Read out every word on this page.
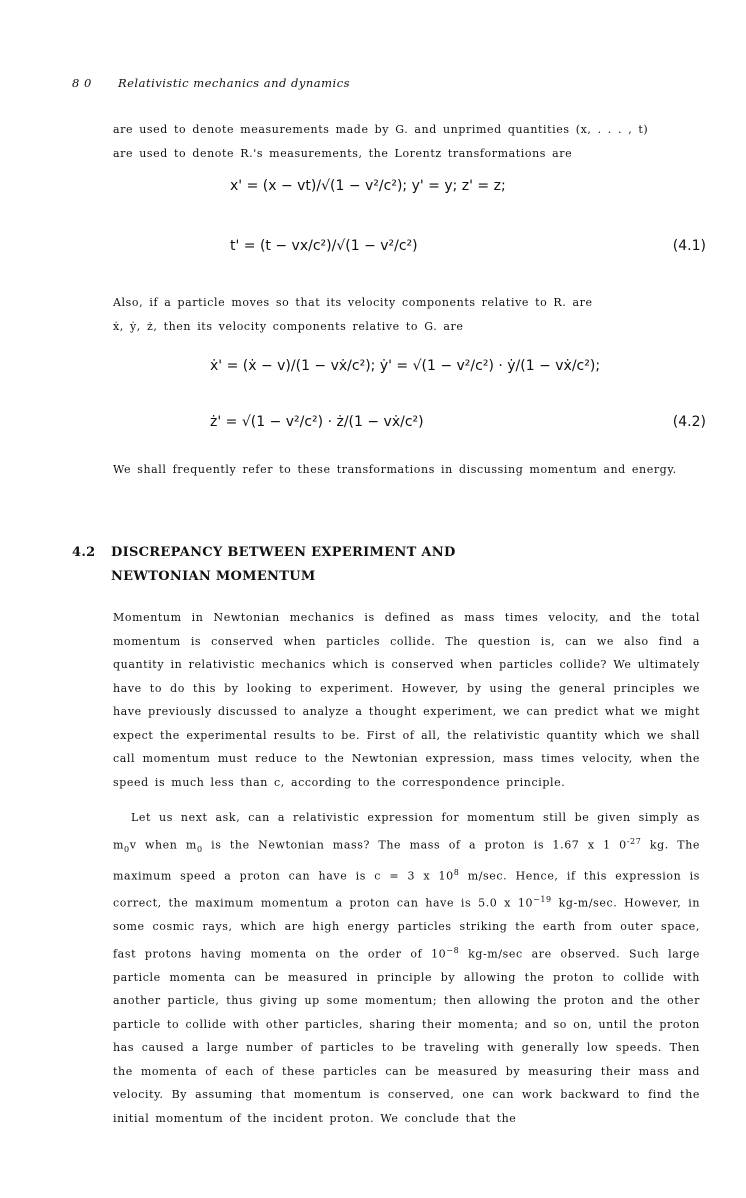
8 0 Relativistic mechanics and dynamics
are used to denote measurements made by G. and unprimed quantities (x, . . . , t)
are used to denote R.'s measurements, the Lorentz transformations are
x' = (x − vt)/√(1 − v²/c²); y' = y; z' = z;
t' = (t − vx/c²)/√(1 − v²/c²)	(4.1)
Also, if a particle moves so that its velocity components relative to R. are
ẋ, ẏ, ż, then its velocity components relative to G. are
ẋ' = (ẋ − v)/(1 − vẋ/c²); ẏ' = √(1 − v²/c²) · ẏ/(1 − vẋ/c²);
ż' = √(1 − v²/c²) · ż/(1 − vẋ/c²)	(4.2)
We shall frequently refer to these transformations in discussing momentum and energy.
4.2	DISCREPANCY BETWEEN EXPERIMENT AND
NEWTONIAN MOMENTUM
Momentum in Newtonian mechanics is defined as mass times velocity, and the total momentum is conserved when particles collide. The question is, can we also find a quantity in relativistic mechanics which is conserved when particles collide? We ultimately have to do this by looking to experiment. However, by using the general principles we have previously discussed to analyze a thought experiment, we can predict what we might expect the experimental results to be. First of all, the relativistic quantity which we shall call momentum must reduce to the Newtonian expression, mass times velocity, when the speed is much less than c, according to the correspondence principle.
Let us next ask, can a relativistic expression for momentum still be given simply as $m_0v$ when $m_0$ is the Newtonian mass? The mass of a proton is 1.67 x 1 $0^{-27}$ kg. The maximum speed a proton can have is c = 3 x $10^8$ m/sec. Hence, if this expression is correct, the maximum momentum a proton can have is 5.0 x $10^{-19}$ kg-m/sec. However, in some cosmic rays, which are high energy particles striking the earth from outer space, fast protons having momenta on the order of $10^{-8}$ kg-m/sec are observed. Such large particle momenta can be measured in principle by allowing the proton to collide with another particle, thus giving up some momentum; then allowing the proton and the other particle to collide with other particles, sharing their momenta; and so on, until the proton has caused a large number of particles to be traveling with generally low speeds. Then the momenta of each of these particles can be measured by measuring their mass and velocity. By assuming that momentum is conserved, one can work backward to find the initial momentum of the incident proton. We conclude that the
